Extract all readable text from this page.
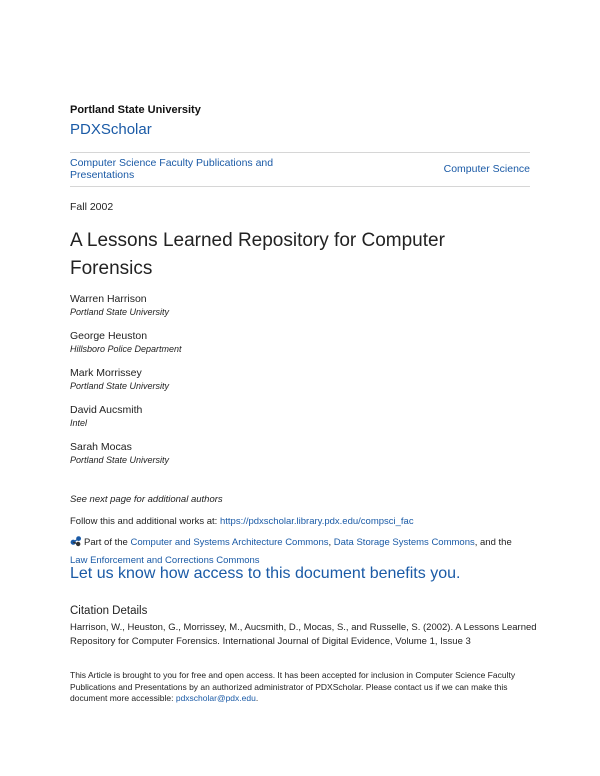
Portland State University
PDXScholar
Computer Science Faculty Publications and Presentations	Computer Science
Fall 2002
A Lessons Learned Repository for Computer Forensics
Warren Harrison
Portland State University
George Heuston
Hillsboro Police Department
Mark Morrissey
Portland State University
David Aucsmith
Intel
Sarah Mocas
Portland State University
See next page for additional authors
Follow this and additional works at: https://pdxscholar.library.pdx.edu/compsci_fac
Part of the Computer and Systems Architecture Commons, Data Storage Systems Commons, and the
Law Enforcement and Corrections Commons
Let us know how access to this document benefits you.
Citation Details
Harrison, W., Heuston, G., Morrissey, M., Aucsmith, D., Mocas, S., and Russelle, S. (2002). A Lessons Learned Repository for Computer Forensics. International Journal of Digital Evidence, Volume 1, Issue 3
This Article is brought to you for free and open access. It has been accepted for inclusion in Computer Science Faculty Publications and Presentations by an authorized administrator of PDXScholar. Please contact us if we can make this document more accessible: pdxscholar@pdx.edu.
